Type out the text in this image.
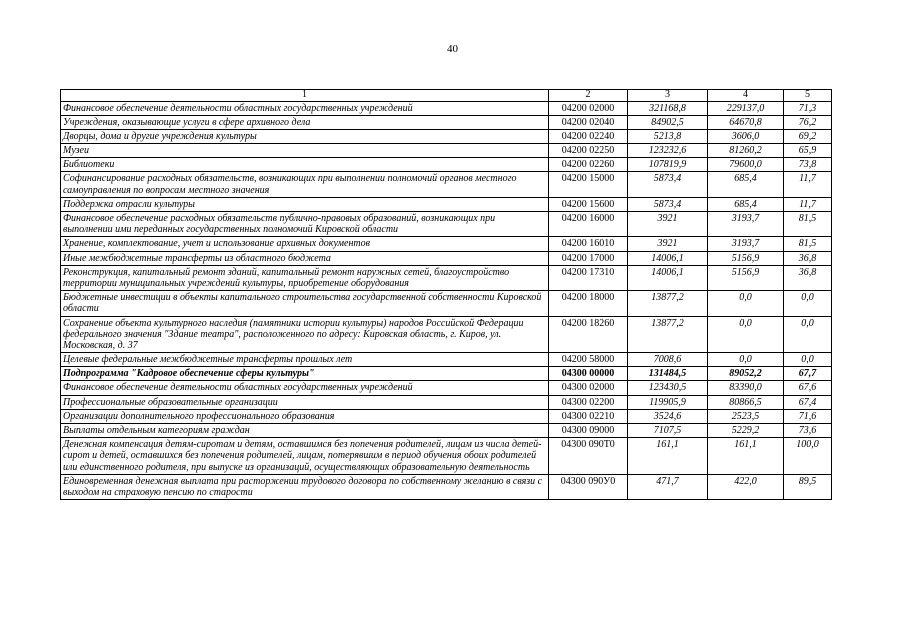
40
1	2	3	4	5
Финансовое обеспечение деятельности областных государственных учреждений	04200 02000	321168,8	229137,0	71,3
Учреждения, оказывающие услуги в сфере архивного дела	04200 02040	84902,5	64670,8	76,2
Дворцы, дома и другие учреждения культуры	04200 02240	5213,8	3606,0	69,2
Музеи	04200 02250	123232,6	81260,2	65,9
Библиотеки	04200 02260	107819,9	79600,0	73,8
Софинансирование расходных обязательств, возникающих при выполнении полномочий органов местного самоуправления по вопросам местного значения	04200 15000	5873,4	685,4	11,7
Поддержка отрасли культуры	04200 15600	5873,4	685,4	11,7
Финансовое обеспечение расходных обязательств публично-правовых образований, возникающих при выполнении ими переданных государственных полномочий Кировской области	04200 16000	3921	3193,7	81,5
Хранение, комплектование, учет и использование архивных документов	04200 16010	3921	3193,7	81,5
Иные межбюджетные трансферты из областного бюджета	04200 17000	14006,1	5156,9	36,8
Реконструкция, капитальный ремонт зданий, капитальный ремонт наружных сетей, благоустройство территории муниципальных учреждений культуры, приобретение оборудования	04200 17310	14006,1	5156,9	36,8
Бюджетные инвестиции в объекты капитального строительства государственной собственности Кировской области	04200 18000	13877,2	0,0	0,0
Сохранение объекта культурного наследия (памятники истории культуры) народов Российской Федерации федерального значения "Здание театра", расположенного по адресу: Кировская область, г. Киров, ул. Московская, д. 37	04200 18260	13877,2	0,0	0,0
Целевые федеральные межбюджетные трансферты прошлых лет	04200 58000	7008,6	0,0	0,0
Подпрограмма "Кадровое обеспечение сферы культуры"	04300 00000	131484,5	89052,2	67,7
Финансовое обеспечение деятельности областных государственных учреждений	04300 02000	123430,5	83390,0	67,6
Профессиональные образовательные организации	04300 02200	119905,9	80866,5	67,4
Организации дополнительного профессионального образования	04300 02210	3524,6	2523,5	71,6
Выплаты отдельным категориям граждан	04300 09000	7107,5	5229,2	73,6
Денежная компенсация детям-сиротам и детям, оставшимся без попечения родителей, лицам из числа детей-сирот и детей, оставшихся без попечения родителей, лицам, потерявшим в период обучения обоих родителей или единственного родителя, при выпуске из организаций, осуществляющих образовательную деятельность	04300 090Т0	161,1	161,1	100,0
Единовременная денежная выплата при расторжении трудового договора по собственному желанию в связи с выходом на страховую пенсию по старости	04300 090У0	471,7	422,0	89,5
